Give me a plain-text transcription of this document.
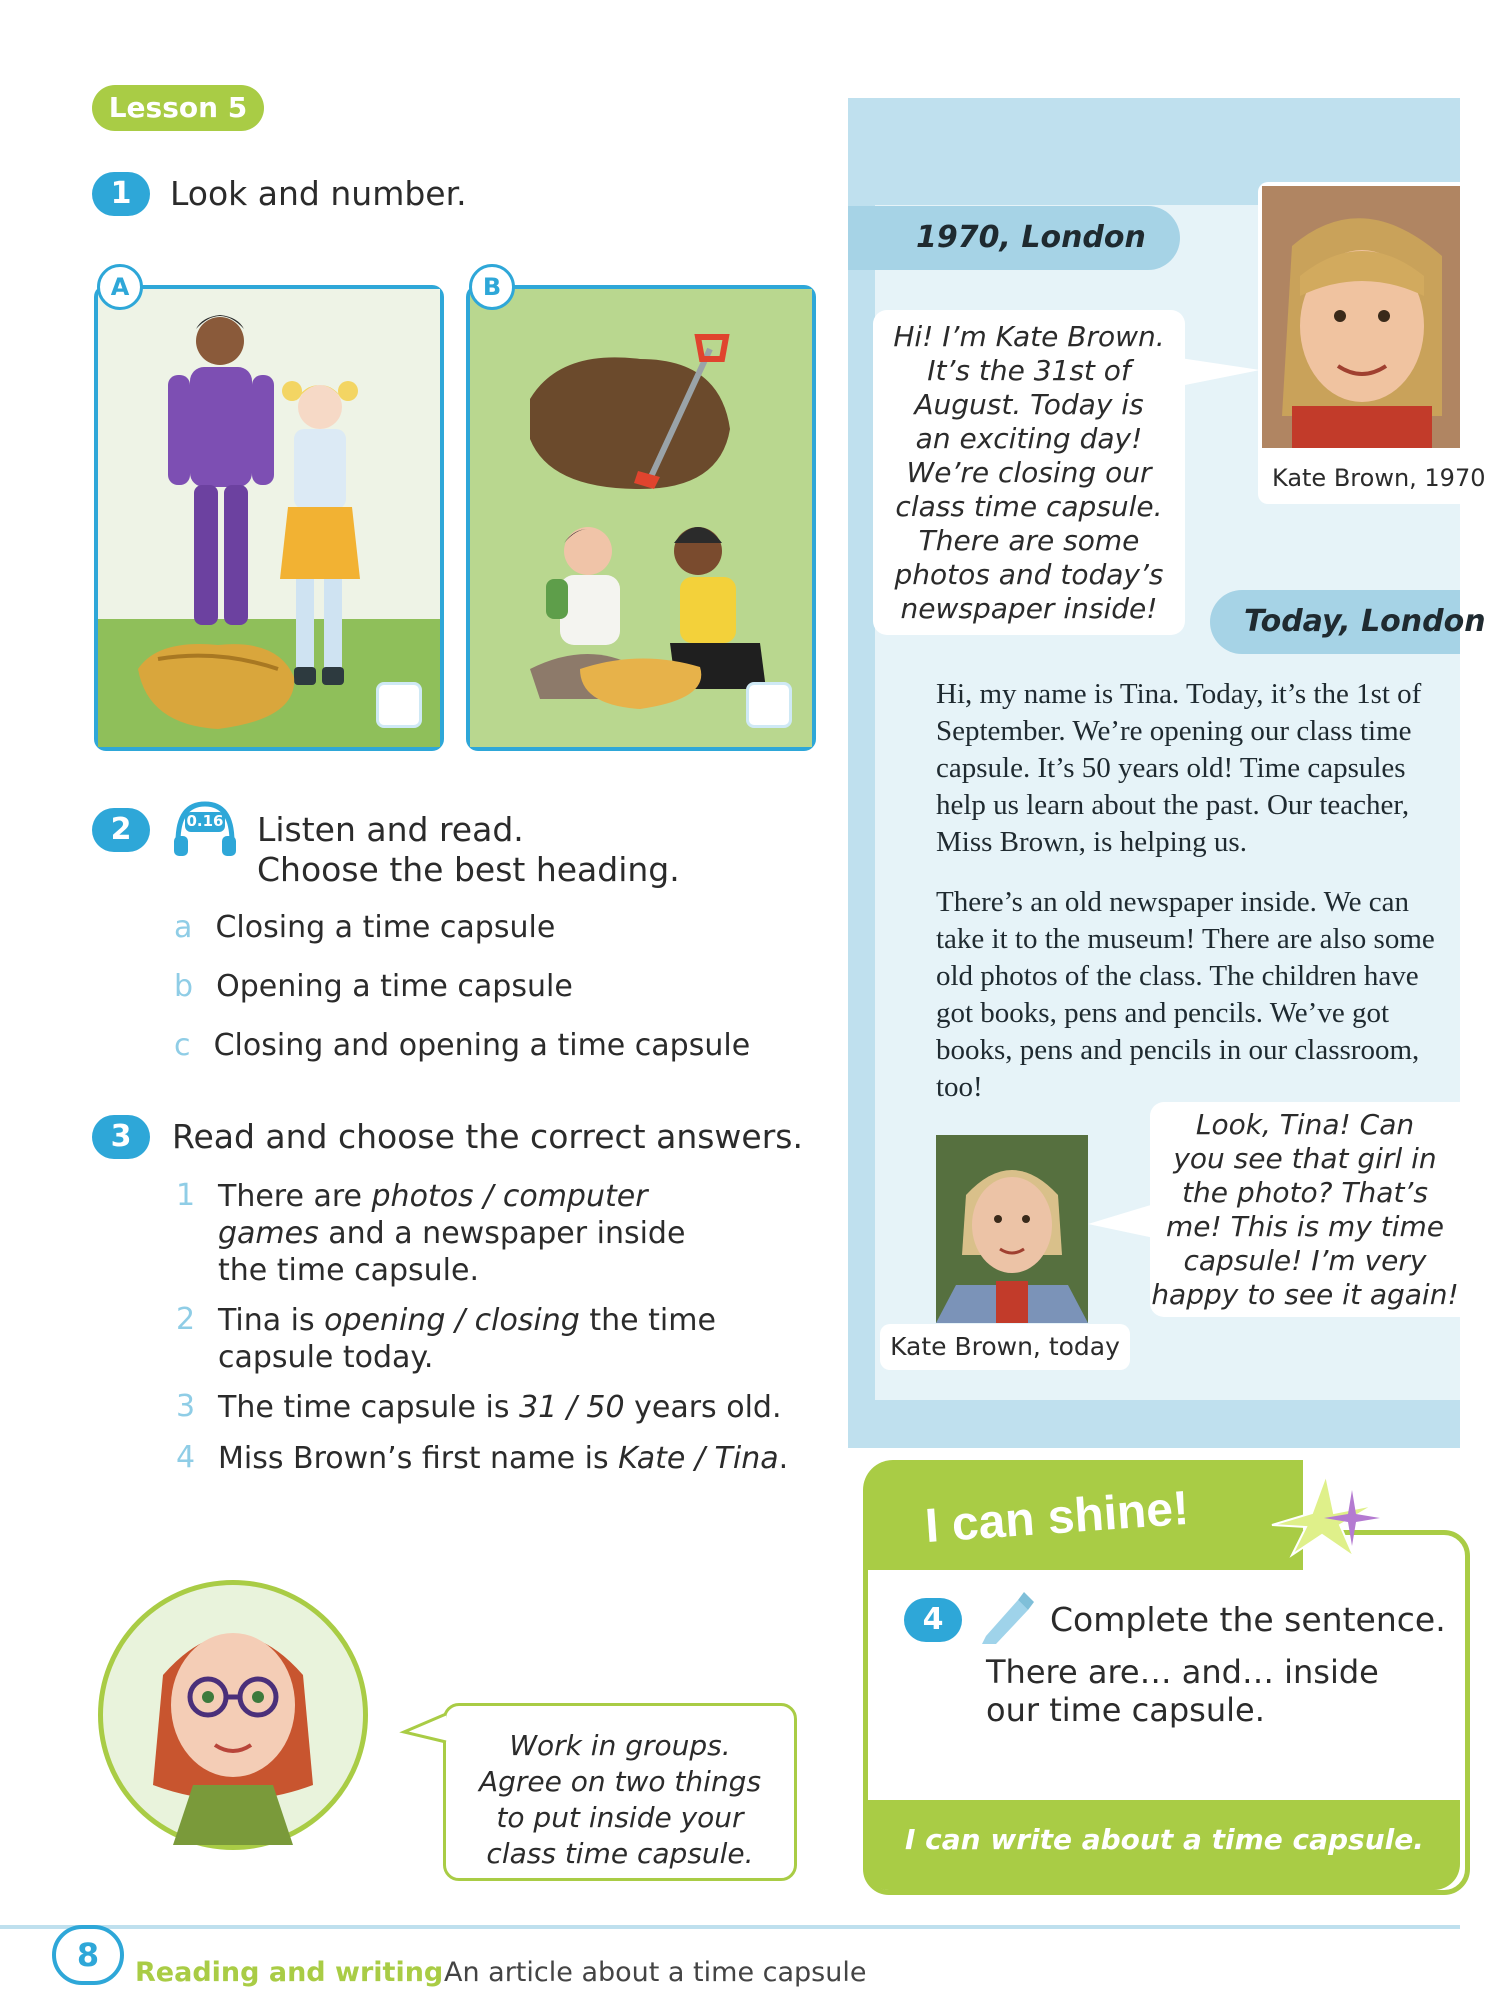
Lesson 5
1	Look and number.
A	B
2	0.16 Listen and read.
Choose the best heading.
a Closing a time capsule
b Opening a time capsule
c Closing and opening a time capsule
3	Read and choose the correct answers.
1 There are photos / computer
games and a newspaper inside
the time capsule.
2 Tina is opening / closing the time
capsule today.
3 The time capsule is 31 / 50 years old.
4 Miss Brown’s first name is Kate / Tina.
Work in groups.
Agree on two things
to put inside your
class time capsule.
1970, London
Kate Brown, 1970
Hi! I’m Kate Brown.
It’s the 31st of
August. Today is
an exciting day!
We’re closing our
class time capsule.
There are some
photos and today’s
newspaper inside!	Today, London
Hi, my name is Tina. Today, it’s the 1st of
September. We’re opening our class time
capsule. It’s 50 years old! Time capsules
help us learn about the past. Our teacher,
Miss Brown, is helping us.
There’s an old newspaper inside. We can
take it to the museum! There are also some
old photos of the class. The children have
got books, pens and pencils. We’ve got
books, pens and pencils in our classroom,
too!
Kate Brown, today
Look, Tina! Can
you see that girl in
the photo? That’s
me! This is my time
capsule! I’m very
happy to see it again!
I can shine!
4	Complete the sentence.
There are… and… inside
our time capsule.
I can write about a time capsule.
8	Reading and writing An article about a time capsule
